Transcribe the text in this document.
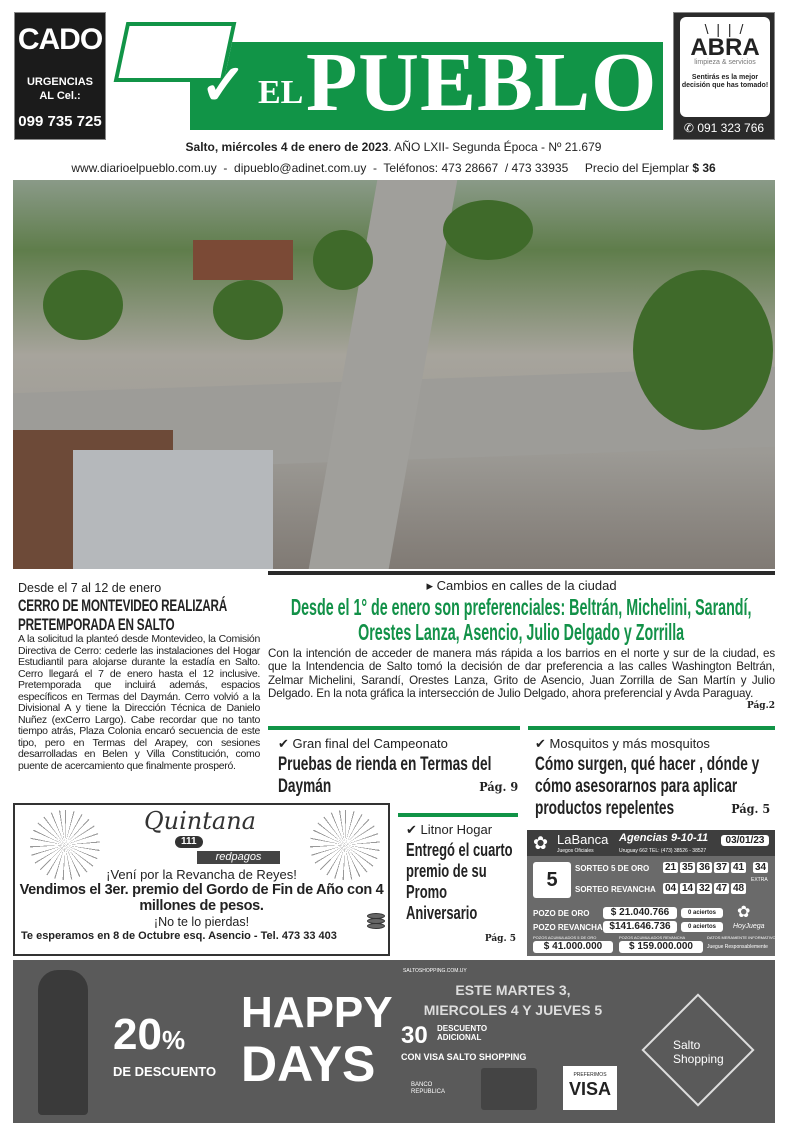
CADO
URGENCIAS
AL Cel.:
099 735 725
✓ EL PUEBLO
\ | | /
ABRA
limpieza & servicios
Sentirás es la mejor decisión que has tomado!
✆ 091 323 766
Salto, miércoles 4 de enero de 2023. AÑO LXII- Segunda Época - Nº 21.679
www.diarioelpueblo.com.uy  -  dipueblo@adinet.com.uy  -  Teléfonos: 473 28667  / 473 33935     Precio del Ejemplar $ 36
Desde el 7 al 12 de enero
CERRO DE MONTEVIDEO REALIZARÁ PRETEMPORADA EN SALTO
A la solicitud la planteó desde Montevideo, la Comisión Directiva de Cerro: cederle las instalaciones del Hogar Estudiantil para alojarse durante la estadía en Salto. Cerro llegará el 7 de enero hasta el 12 inclusive. Pretemporada que incluirá además, espacios específicos en Termas del Daymán. Cerro volvió a la Divisional A y tiene la Dirección Técnica de Danielo Nuñez (exCerro Largo). Cabe recordar que no tanto tiempo atrás, Plaza Colonia encaró secuencia de este tipo, pero en Termas del Arapey, con sesiones desarrolladas en Belen y Villa Constitución, como puente de acercamiento que finalmente prosperó.
▸ Cambios en calles de la ciudad
Desde el 1° de enero son preferenciales: Beltrán, Michelini, Sarandí, Orestes Lanza, Asencio, Julio Delgado y Zorrilla
Con la intención de acceder de manera más rápida a los barrios en el norte y sur de la ciudad, es que la Intendencia de Salto tomó la decisión de dar preferencia a las calles Washington Beltrán, Zelmar Michelini, Sarandí, Orestes Lanza, Grito de Asencio, Juan Zorrilla de San Martín y Julio Delgado. En la nota gráfica la intersección de Julio Delgado, ahora preferencial y Avda Paraguay.
Pág.2
✔ Gran final del Campeonato
Pruebas de rienda en Termas del Daymán	Pág. 9
✔ Mosquitos y más mosquitos
Cómo surgen, qué hacer , dónde y cómo asesorarnos para aplicar productos repelentes	Pág. 5
✔ Litnor Hogar
Entregó el cuarto premio de su Promo Aniversario
Pág. 5
Quintana
111
redpagos
¡Vení por la Revancha de Reyes!
Vendimos el 3er. premio del Gordo de Fin de Año con 4 millones de pesos.
¡No te lo pierdas!
Te esperamos en 8 de Octubre esq. Asencio - Tel. 473 33 403
✿ LaBanca
Juegos Oficiales
Agencias 9-10-11
Uruguay 662 TEL: (473) 38526 - 38527
03/01/23
5
SORTEO 5 DE ORO 21 35 36 37 41	34
EXTRA
SORTEO REVANCHA 04 14 32 47 48
POZO DE ORO	$ 21.040.766	0 aciertos
POZO REVANCHA $141.646.736	0 aciertos
✿
HoyJuega
POZOS ACUMULADOS 5 DE ORO	POZOS ACUMULADOS REVANCHA	DATOS MERAMENTE INFORMATIVOS
$ 41.000.000	$ 159.000.000	Juegue Responsablemente
20%
DE DESCUENTO
HAPPY
DAYS
SALTOSHOPPING.COM.UY
ESTE MARTES 3, MIERCOLES 4 Y JUEVES 5
30 DESCUENTO ADICIONAL
CON VISA SALTO SHOPPING
BANCO REPUBLICA
PREFERIMOS
VISA
Salto
Shopping
